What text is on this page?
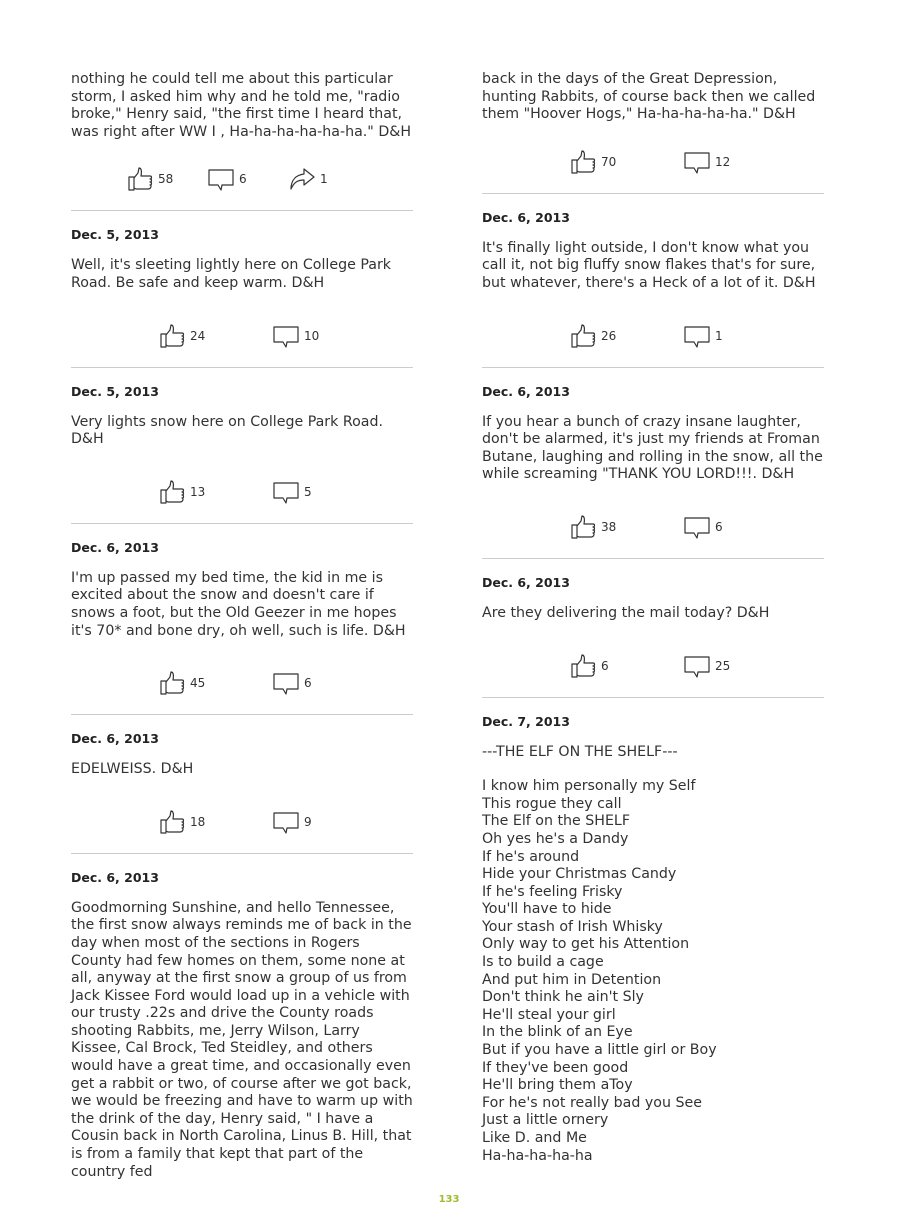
nothing he could tell me about this particular storm, I asked him why and he told me, "radio broke," Henry said, "the first time I heard that, was right after WW I , Ha-ha-ha-ha-ha-ha." D&H

58	6	1

Dec. 5, 2013

Well, it's sleeting lightly here on College Park Road. Be safe and keep warm. D&H

24	10

Dec. 5, 2013

Very lights snow here on College Park Road. D&H

13	5

Dec. 6, 2013

I'm up passed my bed time, the kid in me is excited about the snow and doesn't care if snows a foot, but the Old Geezer in me hopes it's 70* and bone dry, oh well, such is life. D&H

45	6

Dec. 6, 2013

EDELWEISS. D&H

18	9

Dec. 6, 2013

Goodmorning Sunshine, and hello Tennessee, the first snow always reminds me of back in the day when most of the sections in Rogers County had few homes on them, some none at all, anyway at the first snow a group of us from Jack Kissee Ford would load up in a vehicle with our trusty .22s and drive the County roads shooting Rabbits, me, Jerry Wilson, Larry Kissee, Cal Brock, Ted Steidley, and others would have a great time, and occasionally even get a rabbit or two, of course after we got back, we would be freezing and have to warm up with the drink of the day, Henry said, " I have a Cousin back in North Carolina, Linus B. Hill, that is from a family that kept that part of the country fed

back in the days of the Great Depression, hunting Rabbits, of course back then we called them "Hoover Hogs," Ha-ha-ha-ha-ha." D&H

70	12

Dec. 6, 2013

It's finally light outside, I don't know what you call it, not big fluffy snow flakes that's for sure, but whatever, there's a Heck of a lot of it. D&H

26	1

Dec. 6, 2013

If you hear a bunch of crazy insane laughter, don't be alarmed, it's just my friends at Froman Butane, laughing and rolling in the snow, all the while screaming "THANK YOU LORD!!!. D&H

38	6

Dec. 6, 2013

Are they delivering the mail today? D&H

6	25

Dec. 7, 2013

---THE ELF ON THE SHELF---

I know him personally my Self
This rogue they call
The Elf on the SHELF
Oh yes he's a Dandy
If he's around
Hide your Christmas Candy
If he's feeling Frisky
You'll have to hide
Your stash of Irish Whisky
Only way to get his Attention
Is to build a cage
And put him in Detention
Don't think he ain't Sly
He'll steal your girl
In the blink of an Eye
But if you have a little girl or Boy
If they've been good
He'll bring them aToy
For he's not really bad you See
Just a little ornery
Like D. and Me
Ha-ha-ha-ha-ha

133
